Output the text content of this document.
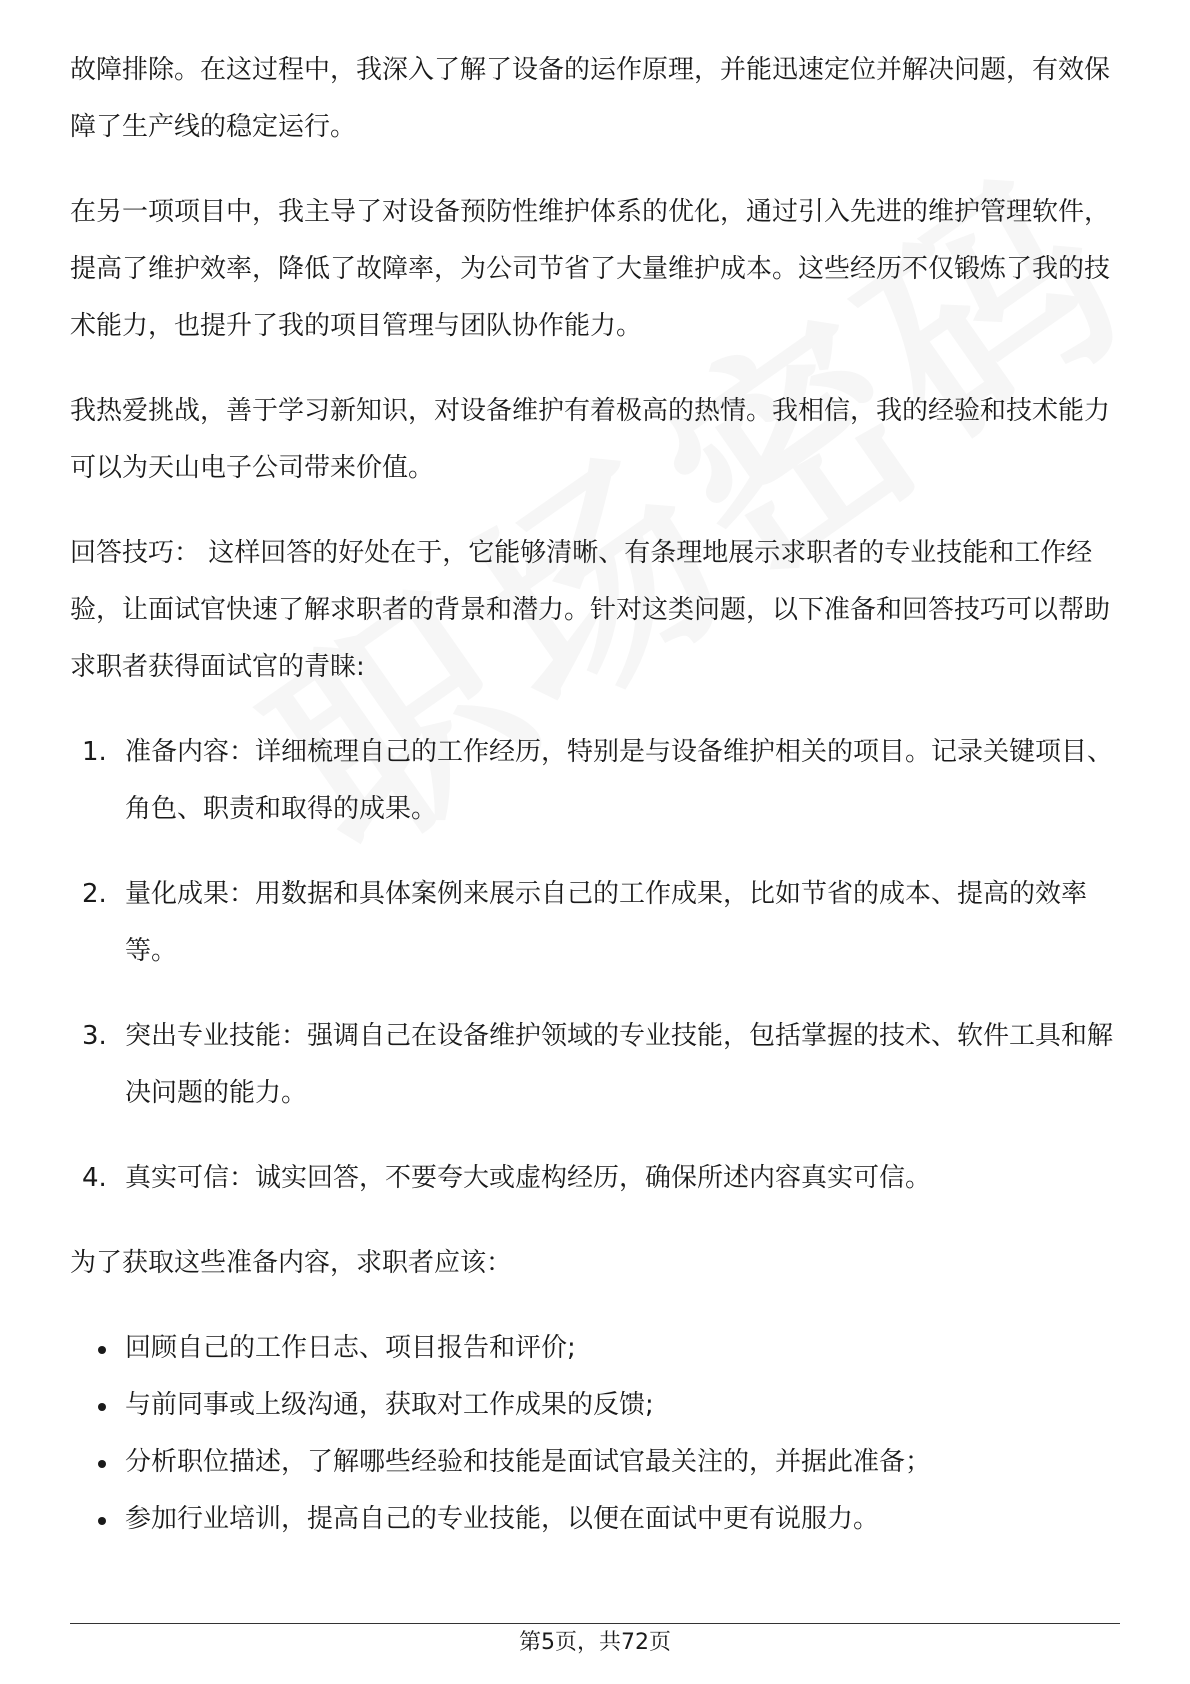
故障排除。在这过程中，我深入了解了设备的运作原理，并能迅速定位并解决问题，有效保障了生产线的稳定运行。

在另一项项目中，我主导了对设备预防性维护体系的优化，通过引入先进的维护管理软件，提高了维护效率，降低了故障率，为公司节省了大量维护成本。这些经历不仅锻炼了我的技术能力，也提升了我的项目管理与团队协作能力。

我热爱挑战，善于学习新知识，对设备维护有着极高的热情。我相信，我的经验和技术能力可以为天山电子公司带来价值。

回答技巧： 这样回答的好处在于，它能够清晰、有条理地展示求职者的专业技能和工作经验，让面试官快速了解求职者的背景和潜力。针对这类问题，以下准备和回答技巧可以帮助求职者获得面试官的青睐:

1. 准备内容：详细梳理自己的工作经历，特别是与设备维护相关的项目。记录关键项目、角色、职责和取得的成果。
2. 量化成果：用数据和具体案例来展示自己的工作成果，比如节省的成本、提高的效率等。
3. 突出专业技能：强调自己在设备维护领域的专业技能，包括掌握的技术、软件工具和解决问题的能力。
4. 真实可信：诚实回答，不要夸大或虚构经历，确保所述内容真实可信。

为了获取这些准备内容，求职者应该：

回顾自己的工作日志、项目报告和评价;
与前同事或上级沟通，获取对工作成果的反馈;
分析职位描述，了解哪些经验和技能是面试官最关注的，并据此准备；
参加行业培训，提高自己的专业技能，以便在面试中更有说服力。
第5页，共72页
